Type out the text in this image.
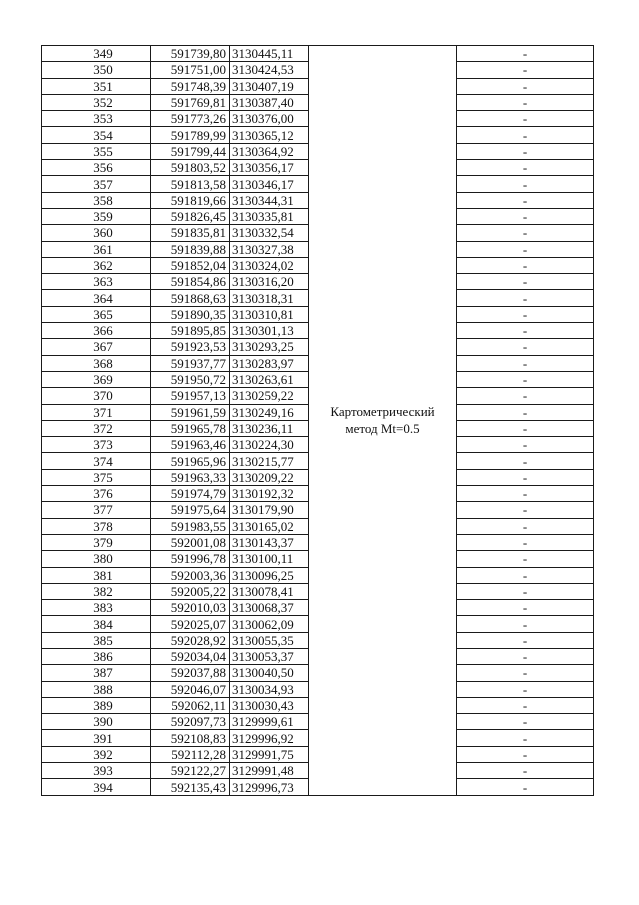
349	591739,80	3130445,11	Картометрический метод Mt=0.5	-
350	591751,00	3130424,53		-
351	591748,39	3130407,19		-
352	591769,81	3130387,40		-
353	591773,26	3130376,00		-
354	591789,99	3130365,12		-
355	591799,44	3130364,92		-
356	591803,52	3130356,17		-
357	591813,58	3130346,17		-
358	591819,66	3130344,31		-
359	591826,45	3130335,81		-
360	591835,81	3130332,54		-
361	591839,88	3130327,38		-
362	591852,04	3130324,02		-
363	591854,86	3130316,20		-
364	591868,63	3130318,31		-
365	591890,35	3130310,81		-
366	591895,85	3130301,13		-
367	591923,53	3130293,25		-
368	591937,77	3130283,97		-
369	591950,72	3130263,61		-
370	591957,13	3130259,22		-
371	591961,59	3130249,16		-
372	591965,78	3130236,11		-
373	591963,46	3130224,30		-
374	591965,96	3130215,77		-
375	591963,33	3130209,22		-
376	591974,79	3130192,32		-
377	591975,64	3130179,90		-
378	591983,55	3130165,02		-
379	592001,08	3130143,37		-
380	591996,78	3130100,11		-
381	592003,36	3130096,25		-
382	592005,22	3130078,41		-
383	592010,03	3130068,37		-
384	592025,07	3130062,09		-
385	592028,92	3130055,35		-
386	592034,04	3130053,37		-
387	592037,88	3130040,50		-
388	592046,07	3130034,93		-
389	592062,11	3130030,43		-
390	592097,73	3129999,61		-
391	592108,83	3129996,92		-
392	592112,28	3129991,75		-
393	592122,27	3129991,48		-
394	592135,43	3129996,73		-
